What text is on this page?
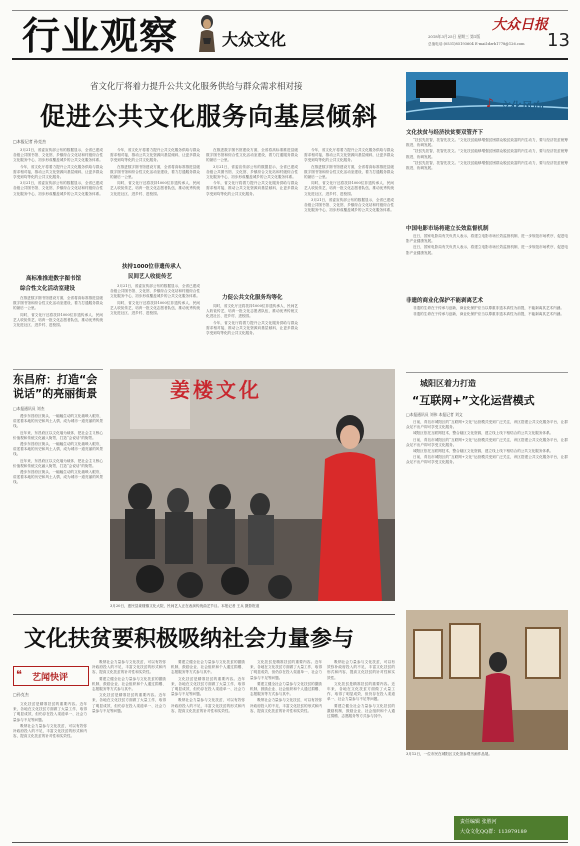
行业观察	大众文化
大众日报
13
2018年3月25日 星期三 第1版
总值电话:(0531)85193604 E-mail:dzrb1778@126.com
省文化厅将着力提升公共文化服务供给与群众需求相对接
促进公共文化服务向基层倾斜
□本报记者 孙克杰

3月21日，省委宣传部公布的数据显示，全省已建成各级公共图书馆、文化馆、乡镇综合文化站和村级综合性文化服务中心，初步形成覆盖城乡的公共文化服务体系。

今年，省文化厅将着力提升公共文化服务供给与群众需求相对接，推动公共文化资源向基层倾斜，让更多群众享受到均等化的公共文化服务。

3月21日，省委宣传部公布的数据显示，全省已建成各级公共图书馆、文化馆、乡镇综合文化站和村级综合性文化服务中心，初步形成覆盖城乡的公共文化服务体系。

高标准推进数字图书馆
综合性文化活动室建设

在推进数字图书馆建设方面，全省将高标准推进县级数字图书馆和综合性文化活动室建设，着力打通服务群众的最后一公里。

同时，省文化厅还将扶持1000位非遗传承人、民间艺人收徒传艺，培育一批文化志愿者队伍，推动优秀传统文化进社区、进乡村、进校园。

今年，省文化厅将着力提升公共文化服务供给与群众需求相对接，推动公共文化资源向基层倾斜，让更多群众享受到均等化的公共文化服务。

在推进数字图书馆建设方面，全省将高标准推进县级数字图书馆和综合性文化活动室建设，着力打通服务群众的最后一公里。

同时，省文化厅还将扶持1000位非遗传承人、民间艺人收徒传艺，培育一批文化志愿者队伍，推动优秀传统文化进社区、进乡村、进校园。

扶持1000位非遗传承人
民间艺人收徒传艺

3月21日，省委宣传部公布的数据显示，全省已建成各级公共图书馆、文化馆、乡镇综合文化站和村级综合性文化服务中心，初步形成覆盖城乡的公共文化服务体系。

同时，省文化厅还将扶持1000位非遗传承人、民间艺人收徒传艺，培育一批文化志愿者队伍，推动优秀传统文化进社区、进乡村、进校园。

在推进数字图书馆建设方面，全省将高标准推进县级数字图书馆和综合性文化活动室建设，着力打通服务群众的最后一公里。

3月21日，省委宣传部公布的数据显示，全省已建成各级公共图书馆、文化馆、乡镇综合文化站和村级综合性文化服务中心，初步形成覆盖城乡的公共文化服务体系。

今年，省文化厅将着力提升公共文化服务供给与群众需求相对接，推动公共文化资源向基层倾斜，让更多群众享受到均等化的公共文化服务。

力促公共文化服务均等化

同时，省文化厅还将扶持1000位非遗传承人、民间艺人收徒传艺，培育一批文化志愿者队伍，推动优秀传统文化进社区、进乡村、进校园。

今年，省文化厅将着力提升公共文化服务供给与群众需求相对接，推动公共文化资源向基层倾斜，让更多群众享受到均等化的公共文化服务。

今年，省文化厅将着力提升公共文化服务供给与群众需求相对接，推动公共文化资源向基层倾斜，让更多群众享受到均等化的公共文化服务。

在推进数字图书馆建设方面，全省将高标准推进县级数字图书馆和综合性文化活动室建设，着力打通服务群众的最后一公里。

同时，省文化厅还将扶持1000位非遗传承人、民间艺人收徒传艺，培育一批文化志愿者队伍，推动优秀传统文化进社区、进乡村、进校园。

3月21日，省委宣传部公布的数据显示，全省已建成各级公共图书馆、文化馆、乡镇综合文化站和村级综合性文化服务中心，初步形成覆盖城乡的公共文化服务体系。

东昌府：打造“会说话”的亮丽街景
□本报通讯员 刘杰

漫步东昌府区街头，一幅幅生动的文化墙映入眼帘，讲述着本地的历史和风土人情，成为城市一道亮丽的风景线。

近年来，东昌府区以文化墙为载体，把社会主义核心价值观和传统文化融入街景，打造“会说话”的街景。

漫步东昌府区街头，一幅幅生动的文化墙映入眼帘，讲述着本地的历史和风土人情，成为城市一道亮丽的风景线。

近年来，东昌府区以文化墙为载体，把社会主义核心价值观和传统文化融入街景，打造“会说话”的街景。

漫步东昌府区街头，一幅幅生动的文化墙映入眼帘，讲述着本地的历史和风土人情，成为城市一道亮丽的风景线。

姜楼文化
3月20日，惠民县姜楼镇文化大院，民间艺人正在表演传统曲艺节目。本报记者 王兵 摄影报道
♪ 文化风向
文化扶贫与经济扶贫要双管齐下

“扶贫先扶智，扶智先扶文。”文化扶贫能够增强贫困群众脱贫致富的内生动力，要与经济扶贫统筹推进、协调发展。

“扶贫先扶智，扶智先扶文。”文化扶贫能够增强贫困群众脱贫致富的内生动力，要与经济扶贫统筹推进、协调发展。

“扶贫先扶智，扶智先扶文。”文化扶贫能够增强贫困群众脱贫致富的内生动力，要与经济扶贫统筹推进、协调发展。

中国电影市场将建立长效监督机制

近日，国家电影局有关负责人表示，将建立电影市场长效监督机制，进一步规范市场秩序，促进电影产业健康发展。

近日，国家电影局有关负责人表示，将建立电影市场长效监督机制，进一步规范市场秩序，促进电影产业健康发展。

非遗的商业化保护不能剥离艺术

非遗的生命在于传承与创新，商业化保护应当以尊重非遗本真性为前提，不能剥离其艺术内涵。

非遗的生命在于传承与创新，商业化保护应当以尊重非遗本真性为前提，不能剥离其艺术内涵。

城阳区着力打造
“互联网+”文化运营模式
□本报通讯员 刘伟 本报记者 刘文

日前，青岛市城阳区的“互联网+文化”运营模式受到广泛关注，该区搭建公共文化服务平台，让群众足不出户即可享受文化服务。

城阳区依托互联网技术，整合辖区文化资源，建立线上线下相结合的公共文化服务体系。

日前，青岛市城阳区的“互联网+文化”运营模式受到广泛关注，该区搭建公共文化服务平台，让群众足不出户即可享受文化服务。

城阳区依托互联网技术，整合辖区文化资源，建立线上线下相结合的公共文化服务体系。

日前，青岛市城阳区的“互联网+文化”运营模式受到广泛关注，该区搭建公共文化服务平台，让群众足不出户即可享受文化服务。

3月12日，一位市民在城阳区文化馆参观书画作品展。
文化扶贫要积极吸纳社会力量参与
❝ 艺闻快评
□孙克杰

文化扶贫是精准扶贫的重要内容。近年来，各地在文化扶贫方面做了大量工作，取得了明显成效，但仍存在投入渠道单一、社会力量参与不足等问题。

吸纳社会力量参与文化扶贫，可以有效弥补政府投入的不足，丰富文化扶贫的形式和内容，提高文化扶贫的针对性和实效性。

吸纳社会力量参与文化扶贫，可以有效弥补政府投入的不足，丰富文化扶贫的形式和内容，提高文化扶贫的针对性和实效性。

要建立健全社会力量参与文化扶贫的激励机制，鼓励企业、社会组织和个人通过捐赠、志愿服务等方式参与其中。

文化扶贫是精准扶贫的重要内容。近年来，各地在文化扶贫方面做了大量工作，取得了明显成效，但仍存在投入渠道单一、社会力量参与不足等问题。

要建立健全社会力量参与文化扶贫的激励机制，鼓励企业、社会组织和个人通过捐赠、志愿服务等方式参与其中。

文化扶贫是精准扶贫的重要内容。近年来，各地在文化扶贫方面做了大量工作，取得了明显成效，但仍存在投入渠道单一、社会力量参与不足等问题。

吸纳社会力量参与文化扶贫，可以有效弥补政府投入的不足，丰富文化扶贫的形式和内容，提高文化扶贫的针对性和实效性。

文化扶贫是精准扶贫的重要内容。近年来，各地在文化扶贫方面做了大量工作，取得了明显成效，但仍存在投入渠道单一、社会力量参与不足等问题。

要建立健全社会力量参与文化扶贫的激励机制，鼓励企业、社会组织和个人通过捐赠、志愿服务等方式参与其中。

吸纳社会力量参与文化扶贫，可以有效弥补政府投入的不足，丰富文化扶贫的形式和内容，提高文化扶贫的针对性和实效性。

吸纳社会力量参与文化扶贫，可以有效弥补政府投入的不足，丰富文化扶贫的形式和内容，提高文化扶贫的针对性和实效性。

文化扶贫是精准扶贫的重要内容。近年来，各地在文化扶贫方面做了大量工作，取得了明显成效，但仍存在投入渠道单一、社会力量参与不足等问题。

要建立健全社会力量参与文化扶贫的激励机制，鼓励企业、社会组织和个人通过捐赠、志愿服务等方式参与其中。

责任编辑 张胜河
大众文化QQ群：113979189
